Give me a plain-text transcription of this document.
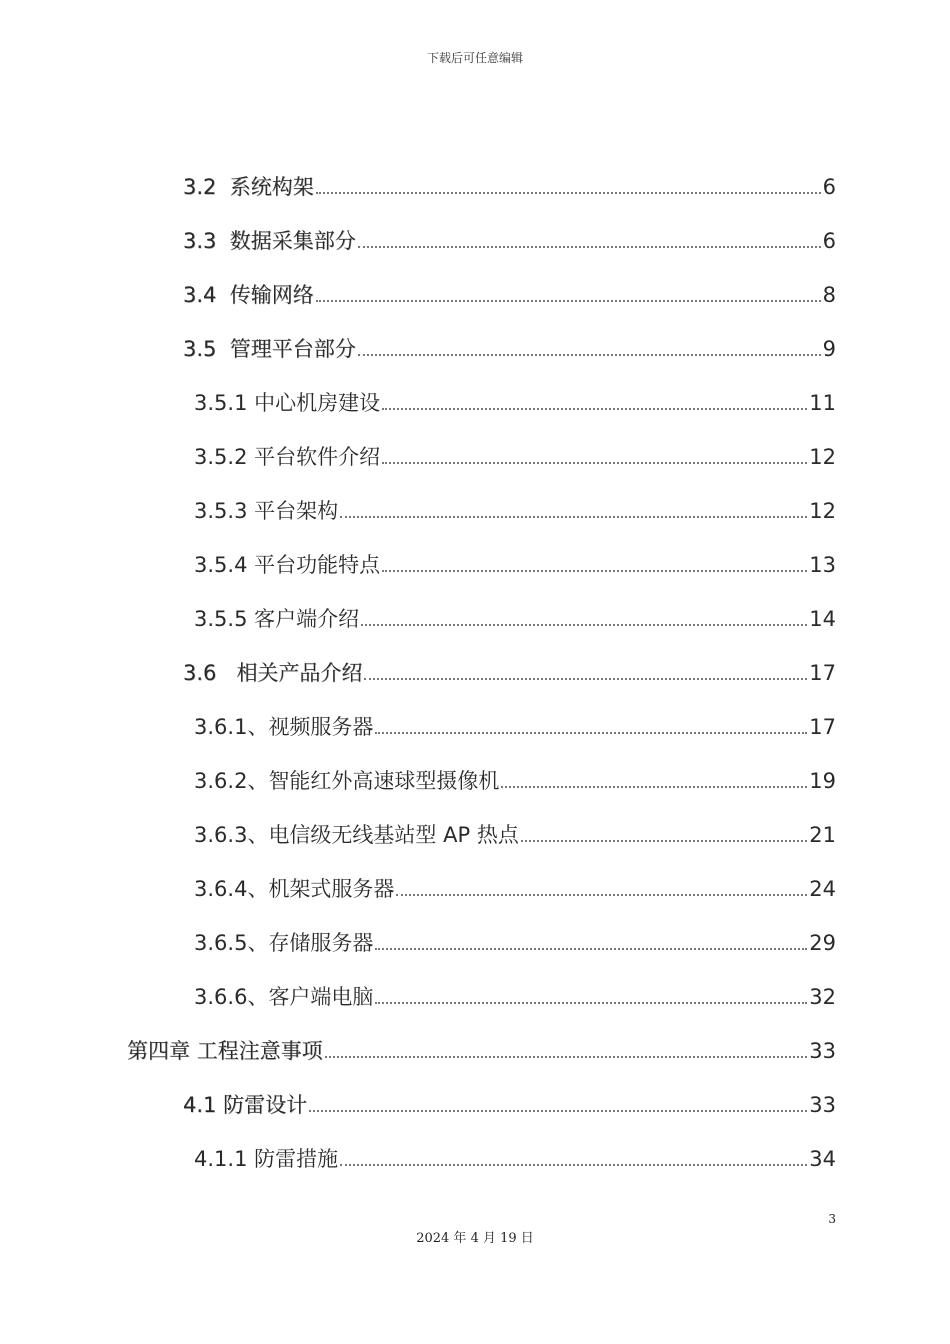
下载后可任意编辑
3.2 系统构架	6
3.3 数据采集部分	6
3.4 传输网络	8
3.5 管理平台部分	9
3.5.1 中心机房建设	11
3.5.2 平台软件介绍	12
3.5.3 平台架构	12
3.5.4 平台功能特点	13
3.5.5 客户端介绍	14
3.6 相关产品介绍	17
3.6.1、视频服务器	17
3.6.2、智能红外高速球型摄像机	19
3.6.3、电信级无线基站型 AP 热点	21
3.6.4、机架式服务器	24
3.6.5、存储服务器	29
3.6.6、客户端电脑	32
第四章 工程注意事项	33
4.1 防雷设计	33
4.1.1 防雷措施	34
3
2024 年 4 月 19 日
